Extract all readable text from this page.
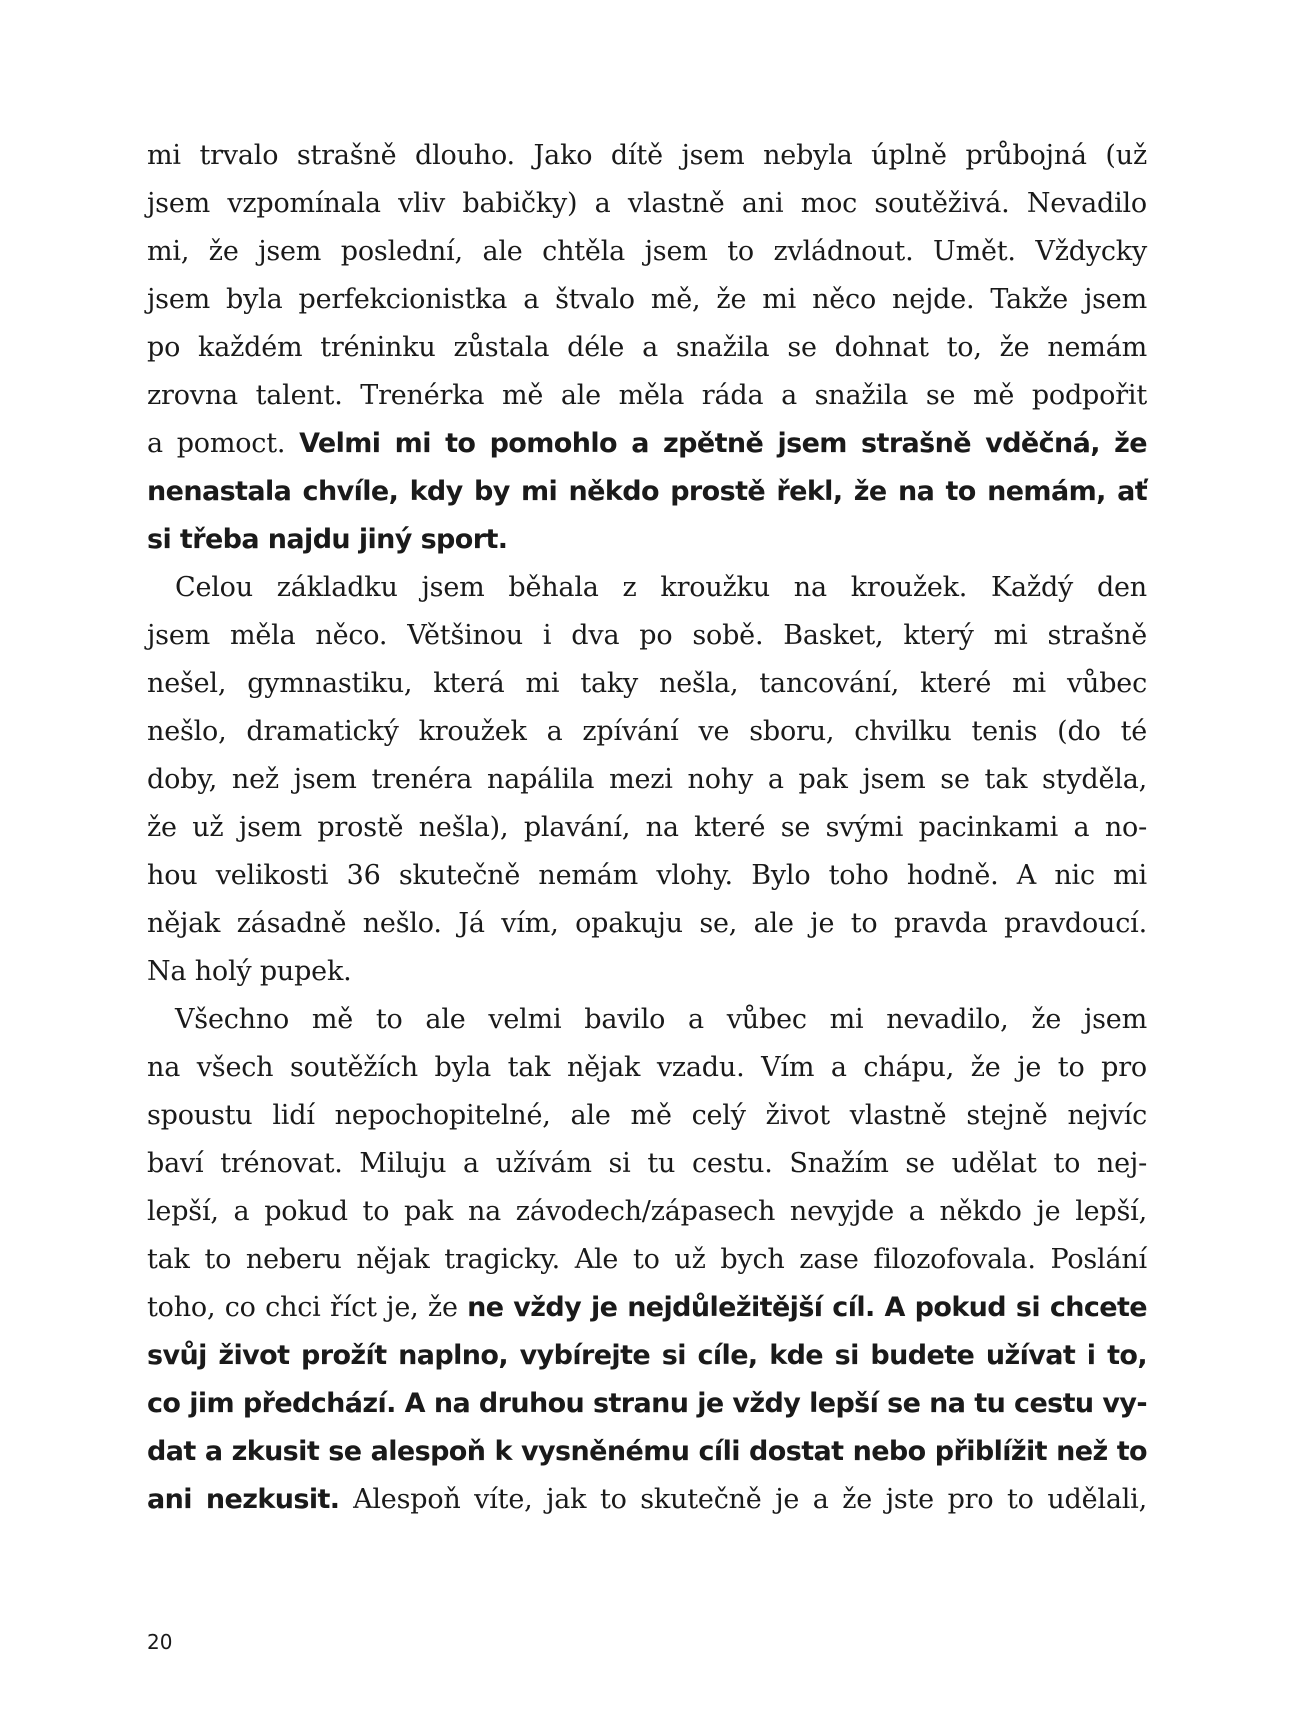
mi trvalo strašně dlouho. Jako dítě jsem nebyla úplně průbojná (už
jsem vzpomínala vliv babičky) a vlastně ani moc soutěživá. Nevadilo
mi, že jsem poslední, ale chtěla jsem to zvládnout. Umět. Vždycky
jsem byla perfekcionistka a štvalo mě, že mi něco nejde. Takže jsem
po každém tréninku zůstala déle a snažila se dohnat to, že nemám
zrovna talent. Trenérka mě ale měla ráda a snažila se mě podpořit
a pomoct. Velmi mi to pomohlo a zpětně jsem strašně vděčná, že
nenastala chvíle, kdy by mi někdo prostě řekl, že na to nemám, ať
si třeba najdu jiný sport.
Celou základku jsem běhala z kroužku na kroužek. Každý den
jsem měla něco. Většinou i dva po sobě. Basket, který mi strašně
nešel, gymnastiku, která mi taky nešla, tancování, které mi vůbec
nešlo, dramatický kroužek a zpívání ve sboru, chvilku tenis (do té
doby, než jsem trenéra napálila mezi nohy a pak jsem se tak styděla,
že už jsem prostě nešla), plavání, na které se svými pacinkami a no-
hou velikosti 36 skutečně nemám vlohy. Bylo toho hodně. A nic mi
nějak zásadně nešlo. Já vím, opakuju se, ale je to pravda pravdoucí.
Na holý pupek.
Všechno mě to ale velmi bavilo a vůbec mi nevadilo, že jsem
na všech soutěžích byla tak nějak vzadu. Vím a chápu, že je to pro
spoustu lidí nepochopitelné, ale mě celý život vlastně stejně nejvíc
baví trénovat. Miluju a užívám si tu cestu. Snažím se udělat to nej-
lepší, a pokud to pak na závodech/zápasech nevyjde a někdo je lepší,
tak to neberu nějak tragicky. Ale to už bych zase filozofovala. Poslání
toho, co chci říct je, že ne vždy je nejdůležitější cíl. A pokud si chcete
svůj život prožít naplno, vybírejte si cíle, kde si budete užívat i to,
co jim předchází. A na druhou stranu je vždy lepší se na tu cestu vy-
dat a zkusit se alespoň k vysněnému cíli dostat nebo přiblížit než to
ani nezkusit. Alespoň víte, jak to skutečně je a že jste pro to udělali,
20
